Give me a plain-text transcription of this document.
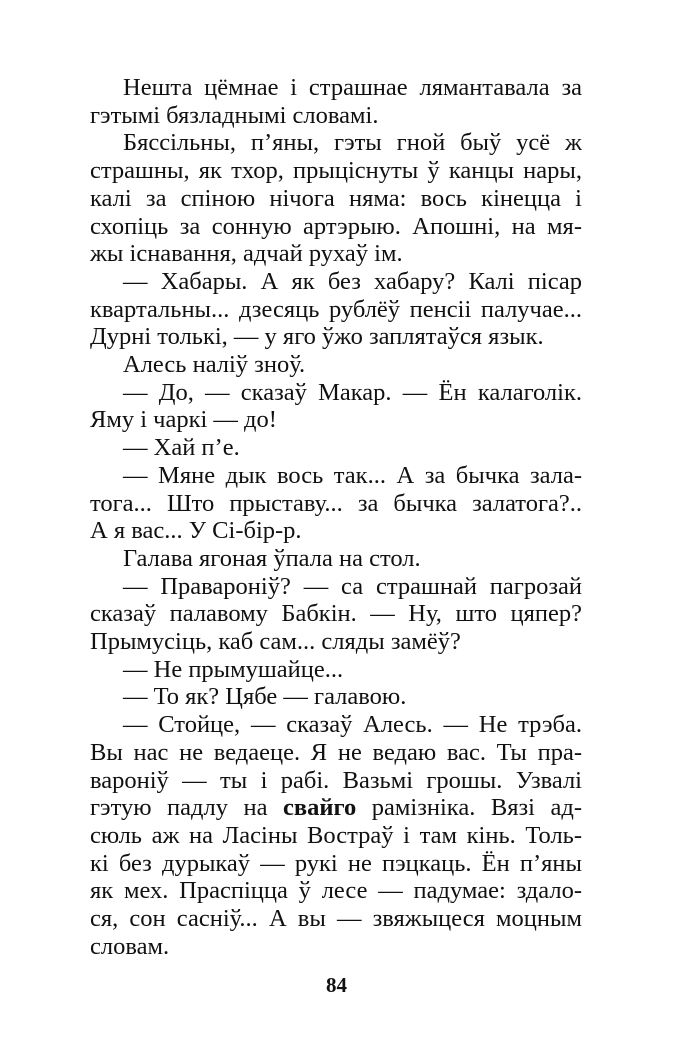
Нешта цёмнае і страшнае лямантавала за
гэтымі бязладнымі словамі.
Бяссільны, п’яны, гэты гной быў усё ж
страшны, як тхор, прыцiснуты ў канцы нары,
калі за спіною нічога няма: вось кінецца і
схопіць за сонную артэрыю. Апошні, на мя-
жы існавання, адчай рухаў ім.
— Хабары. А як без хабару? Калі пісар
квартальны... дзесяць рублёў пенсіі палучае...
Дурні толькі, — у яго ўжо заплятаўся язык.
Алесь наліў зноў.
— До, — сказаў Макар. — Ён калаголік.
Яму і чаркі — до!
— Хай п’е.
— Мяне дык вось так... А за бычка зала-
тога... Што прыставу... за бычка залатога?..
А я вас... У Сі-бір-р.
Галава ягоная ўпала на стол.
— Праваронiў? — са страшнай пагрозай
сказаў палавому Бабкін. — Ну, што цяпер?
Прымусіць, каб сам... сляды замёў?
— Не прымушайце...
— То як? Цябе — галавою.
— Стойце, — сказаў Алесь. — Не трэба.
Вы нас не ведаеце. Я не ведаю вас. Ты пра-
вароніў — ты і рабі. Вазьмі грошы. Узвалі
гэтую падлу на свайго рамізніка. Вязі ад-
сюль аж на Ласіны Востраў і там кінь. Толь-
кі без дурыкаў — рукі не пэцкаць. Ён п’яны
як мех. Праспіцца ў лесе — падумае: здало-
ся, сон сасніў... А вы — звяжыцеся моцным
словам.
84
